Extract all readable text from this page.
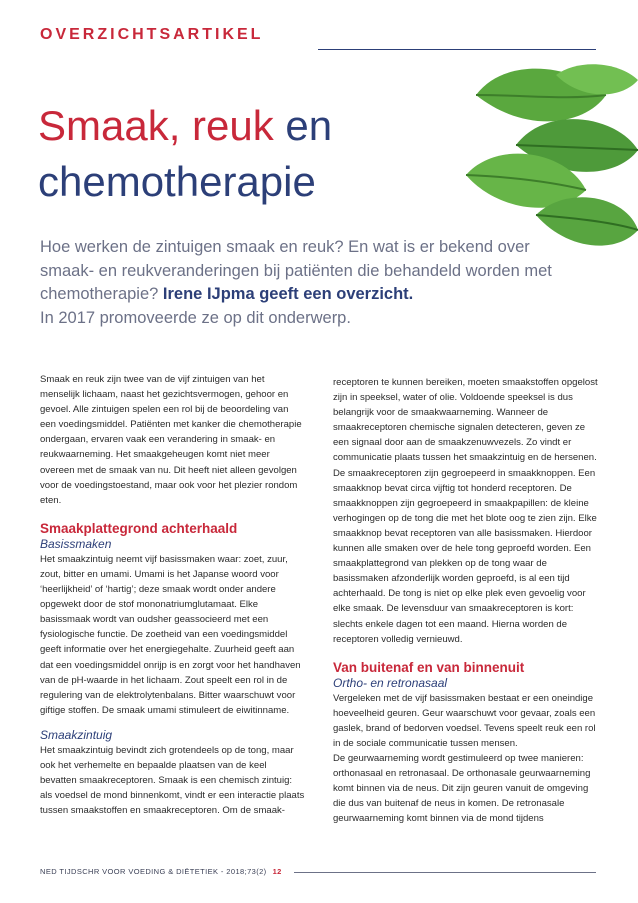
OVERZICHTSARTIKEL
Smaak, reuk en chemotherapie

Hoe werken de zintuigen smaak en reuk? En wat is er bekend over smaak- en reukveranderingen bij patiënten die behandeld worden met chemotherapie? Irene IJpma geeft een overzicht.
In 2017 promoveerde ze op dit onderwerp.

Smaak en reuk zijn twee van de vijf zintuigen van het menselijk lichaam, naast het gezichtsvermogen, gehoor en gevoel. Alle zintuigen spelen een rol bij de beoordeling van een voedingsmiddel. Patiënten met kanker die chemotherapie ondergaan, ervaren vaak een verandering in smaak- en reukwaarneming. Het smaakgeheugen komt niet meer overeen met de smaak van nu. Dit heeft niet alleen gevolgen voor de voedingstoestand, maar ook voor het plezier rondom eten.

Smaakplattegrond achterhaald
Basissmaken

Het smaakzintuig neemt vijf basissmaken waar: zoet, zuur, zout, bitter en umami. Umami is het Japanse woord voor ‘heerlijkheid’ of ‘hartig’; deze smaak wordt onder andere opgewekt door de stof mononatriumglutamaat. Elke basissmaak wordt van oudsher geassocieerd met een fysiologische functie. De zoetheid van een voedingsmiddel geeft informatie over het energiegehalte. Zuurheid geeft aan dat een voedingsmiddel onrijp is en zorgt voor het handhaven van de pH-waarde in het lichaam. Zout speelt een rol in de regulering van de elektrolytenbalans. Bitter waarschuwt voor giftige stoffen. De smaak umami stimuleert de eiwitinname.

Smaakzintuig

Het smaakzintuig bevindt zich grotendeels op de tong, maar ook het verhemelte en bepaalde plaatsen van de keel bevatten smaakreceptoren. Smaak is een chemisch zintuig: als voedsel de mond binnenkomt, vindt er een interactie plaats tussen smaakstoffen en smaakreceptoren. Om de smaak-

receptoren te kunnen bereiken, moeten smaakstoffen opgelost zijn in speeksel, water of olie. Voldoende speeksel is dus belangrijk voor de smaakwaarneming. Wanneer de smaakreceptoren chemische signalen detecteren, geven ze een signaal door aan de smaakzenuwvezels. Zo vindt er communicatie plaats tussen het smaakzintuig en de hersenen.

De smaakreceptoren zijn gegroepeerd in smaakknoppen. Een smaakknop bevat circa vijftig tot honderd receptoren. De smaakknoppen zijn gegroepeerd in smaakpapillen: de kleine verhogingen op de tong die met het blote oog te zien zijn. Elke smaakknop bevat receptoren van alle basissmaken. Hierdoor kunnen alle smaken over de hele tong geproefd worden. Een smaakplattegrond van plekken op de tong waar de basissmaken afzonderlijk worden geproefd, is al een tijd achterhaald. De tong is niet op elke plek even gevoelig voor elke smaak. De levensduur van smaakreceptoren is kort: slechts enkele dagen tot een maand. Hierna worden de receptoren volledig vernieuwd.

Van buitenaf en van binnenuit
Ortho- en retronasaal

Vergeleken met de vijf basissmaken bestaat er een oneindige hoeveelheid geuren. Geur waarschuwt voor gevaar, zoals een gaslek, brand of bedorven voedsel. Tevens speelt reuk een rol in de sociale communicatie tussen mensen.

De geurwaarneming wordt gestimuleerd op twee manieren: orthonasaal en retronasaal. De orthonasale geurwaarneming komt binnen via de neus. Dit zijn geuren vanuit de omgeving die dus van buitenaf de neus in komen. De retronasale geurwaarneming komt binnen via de mond tijdens

NED TIJDSCHR VOOR VOEDING & DIËTETIEK - 2018;73(2) 12
